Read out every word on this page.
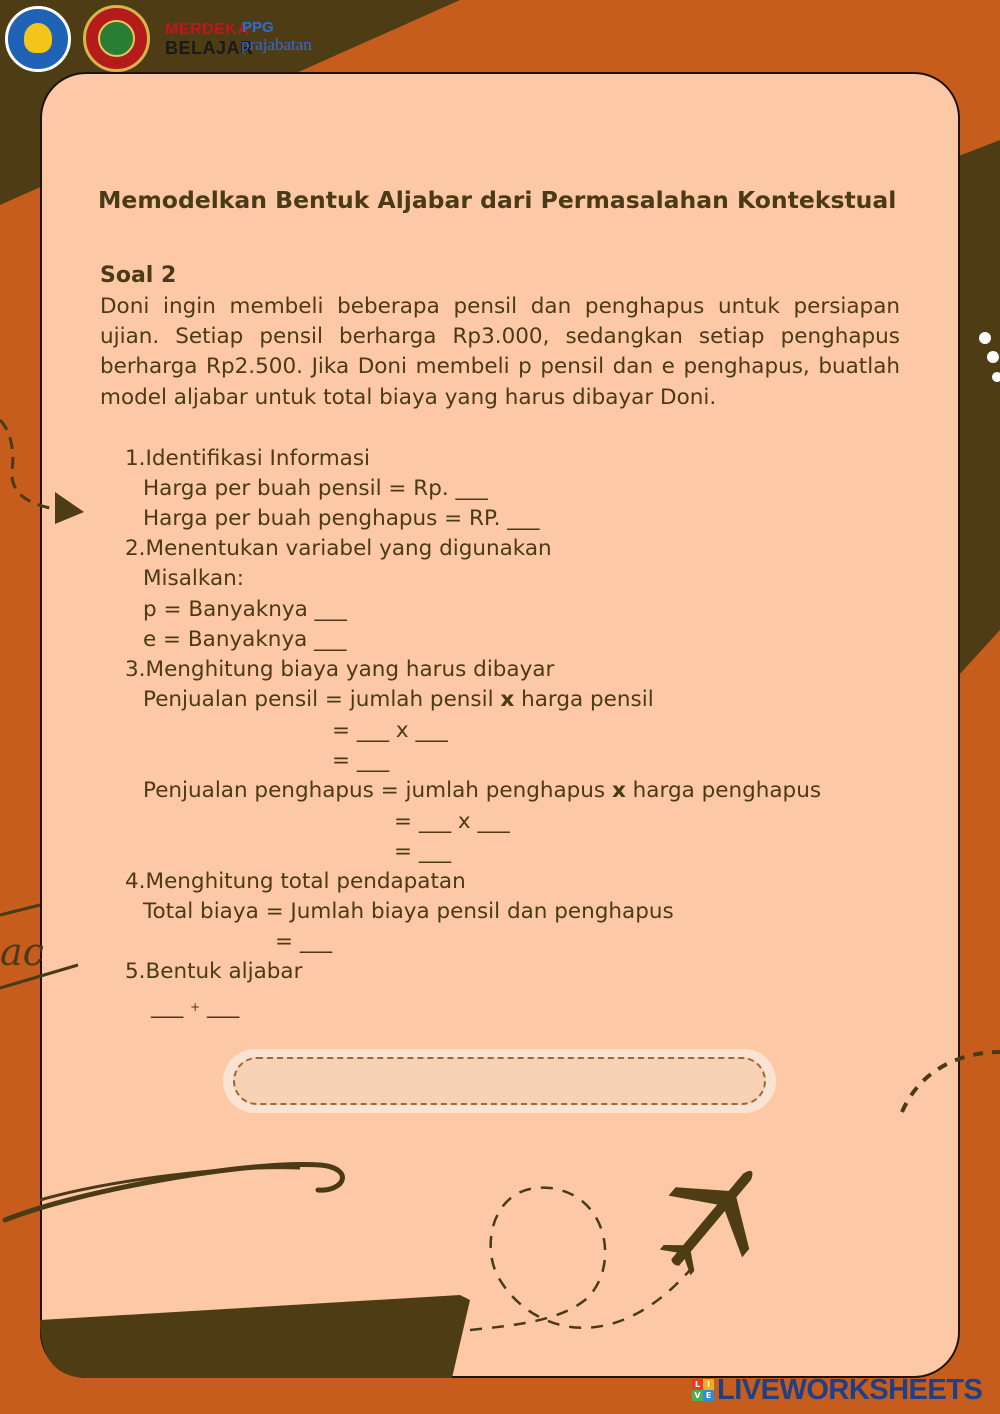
ac
MERDEKA
BELAJAR
PPG
prajabatan
Memodelkan Bentuk Aljabar dari Permasalahan Kontekstual
Soal 2
Doni ingin membeli beberapa pensil dan penghapus untuk persiapan ujian. Setiap pensil berharga Rp3.000, sedangkan setiap penghapus berharga Rp2.500. Jika Doni membeli p pensil dan e penghapus, buatlah model aljabar untuk total biaya yang harus dibayar Doni.
1.Identifikasi Informasi
Harga per buah pensil = Rp. ___
Harga per buah penghapus = RP. ___
2.Menentukan variabel yang digunakan
Misalkan:
p = Banyaknya ___
e = Banyaknya ___
3.Menghitung biaya yang harus dibayar
Penjualan pensil = jumlah pensil x harga pensil
= ___ x ___
= ___
Penjualan penghapus = jumlah penghapus x harga penghapus
= ___ x ___
= ___
4.Menghitung total pendapatan
Total biaya = Jumlah biaya pensil dan penghapus
= ___
5.Bentuk aljabar
___ + ___
L I
V E LIVEWORKSHEETS
